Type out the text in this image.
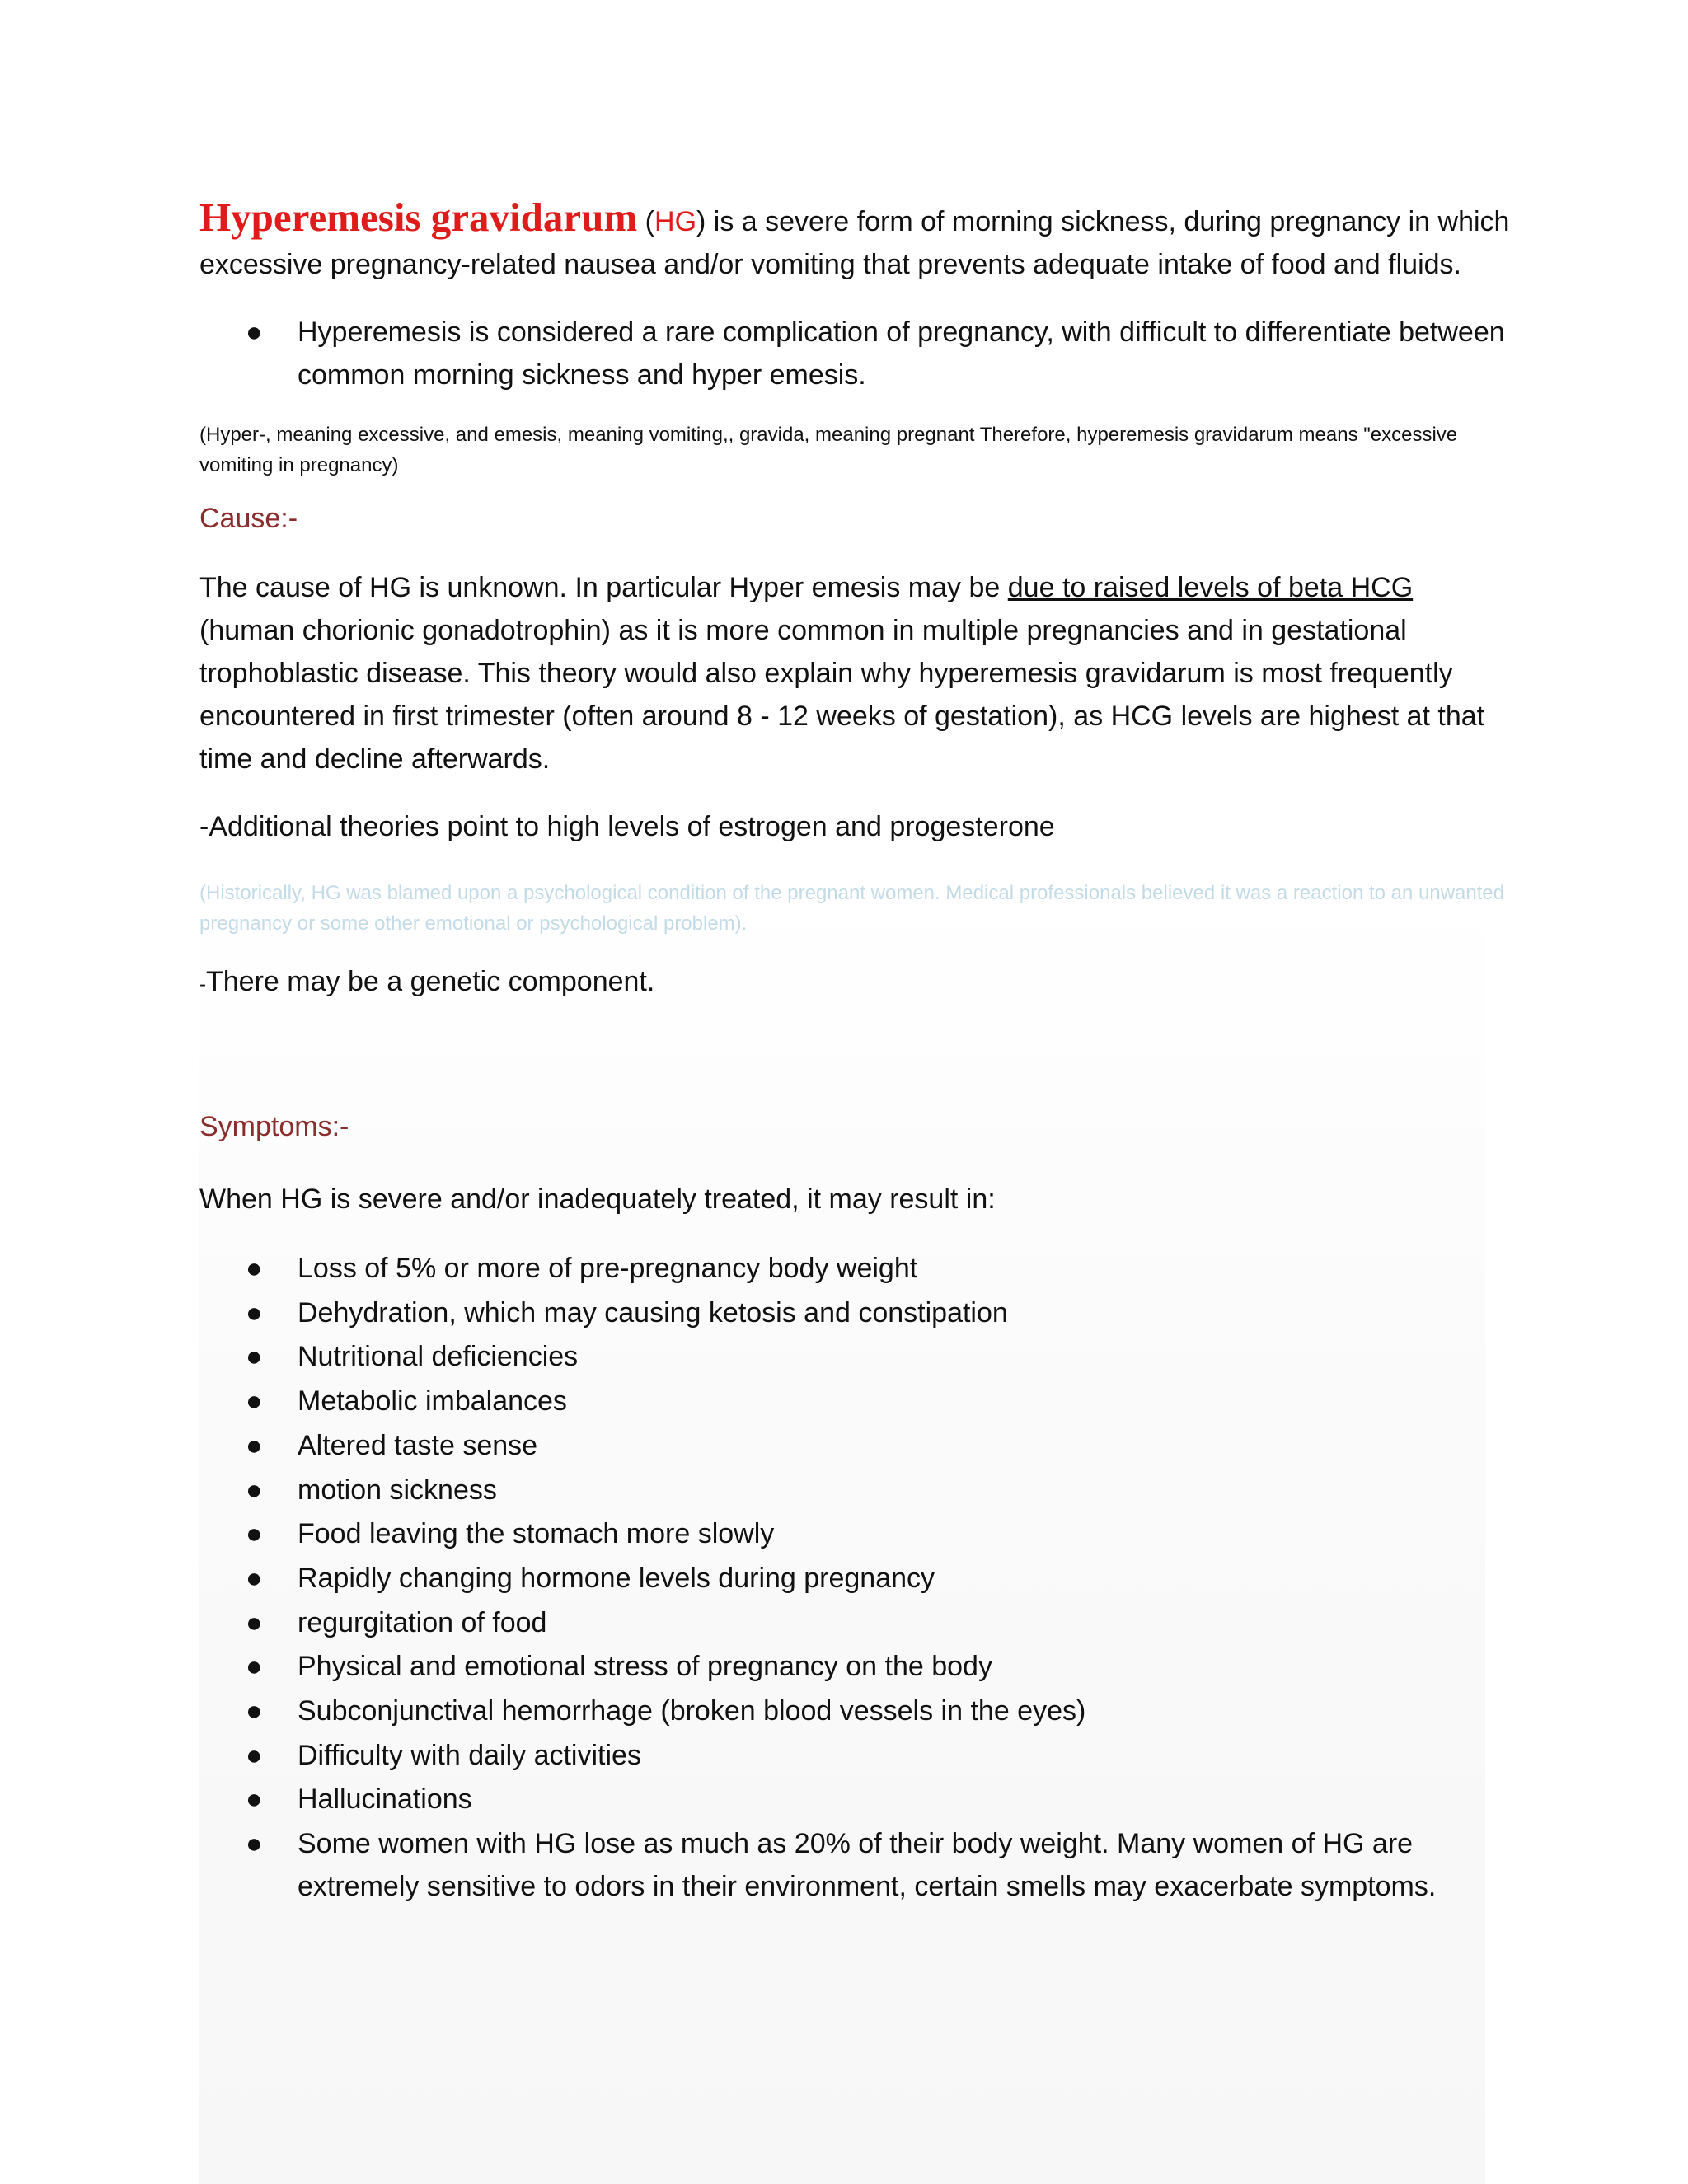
Hyperemesis gravidarum (HG) is a severe form of morning sickness, during pregnancy in which excessive pregnancy-related nausea and/or vomiting that prevents adequate intake of food and fluids.

● Hyperemesis is considered a rare complication of pregnancy, with difficult to differentiate between common morning sickness and hyper emesis.

(Hyper-, meaning excessive, and emesis, meaning vomiting,, gravida, meaning pregnant Therefore, hyperemesis gravidarum means "excessive vomiting in pregnancy)

Cause:-

The cause of HG is unknown. In particular Hyper emesis may be due to raised levels of beta HCG (human chorionic gonadotrophin) as it is more common in multiple pregnancies and in gestational trophoblastic disease. This theory would also explain why hyperemesis gravidarum is most frequently encountered in first trimester (often around 8 - 12 weeks of gestation), as HCG levels are highest at that time and decline afterwards.

-Additional theories point to high levels of estrogen and progesterone

(Historically, HG was blamed upon a psychological condition of the pregnant women. Medical professionals believed it was a reaction to an unwanted pregnancy or some other emotional or psychological problem).

-There may be a genetic component.

Symptoms:-

When HG is severe and/or inadequately treated, it may result in:

● Loss of 5% or more of pre-pregnancy body weight
● Dehydration, which may causing ketosis and constipation
● Nutritional deficiencies
● Metabolic imbalances
● Altered taste sense
● motion sickness
● Food leaving the stomach more slowly
● Rapidly changing hormone levels during pregnancy
● regurgitation of food
● Physical and emotional stress of pregnancy on the body
● Subconjunctival hemorrhage (broken blood vessels in the eyes)
● Difficulty with daily activities
● Hallucinations
● Some women with HG lose as much as 20% of their body weight. Many women of HG are extremely sensitive to odors in their environment, certain smells may exacerbate symptoms.
